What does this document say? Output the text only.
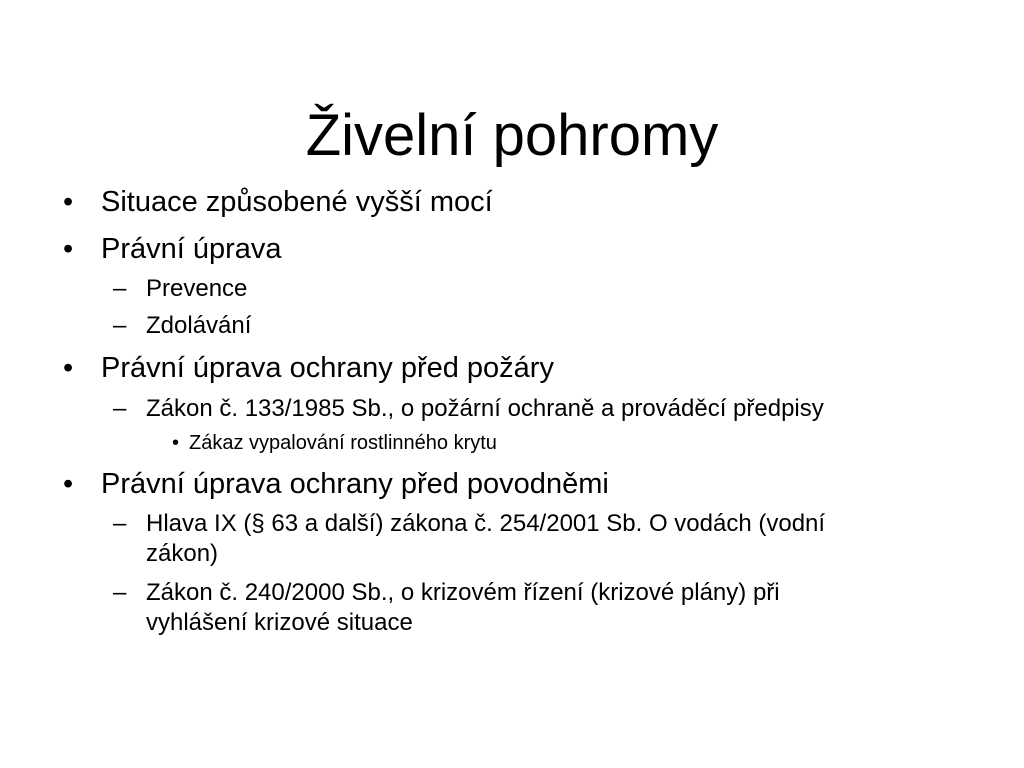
Živelní pohromy
• Situace způsobené vyšší mocí
• Právní úprava
– Prevence
– Zdolávání
• Právní úprava ochrany před požáry
– Zákon č. 133/1985 Sb., o požární ochraně a prováděcí předpisy
• Zákaz vypalování rostlinného krytu
• Právní úprava ochrany před povodněmi
– Hlava IX (§ 63 a další) zákona č. 254/2001 Sb. O vodách (vodní
zákon)
– Zákon č. 240/2000 Sb., o krizovém řízení (krizové plány) při
vyhlášení krizové situace
